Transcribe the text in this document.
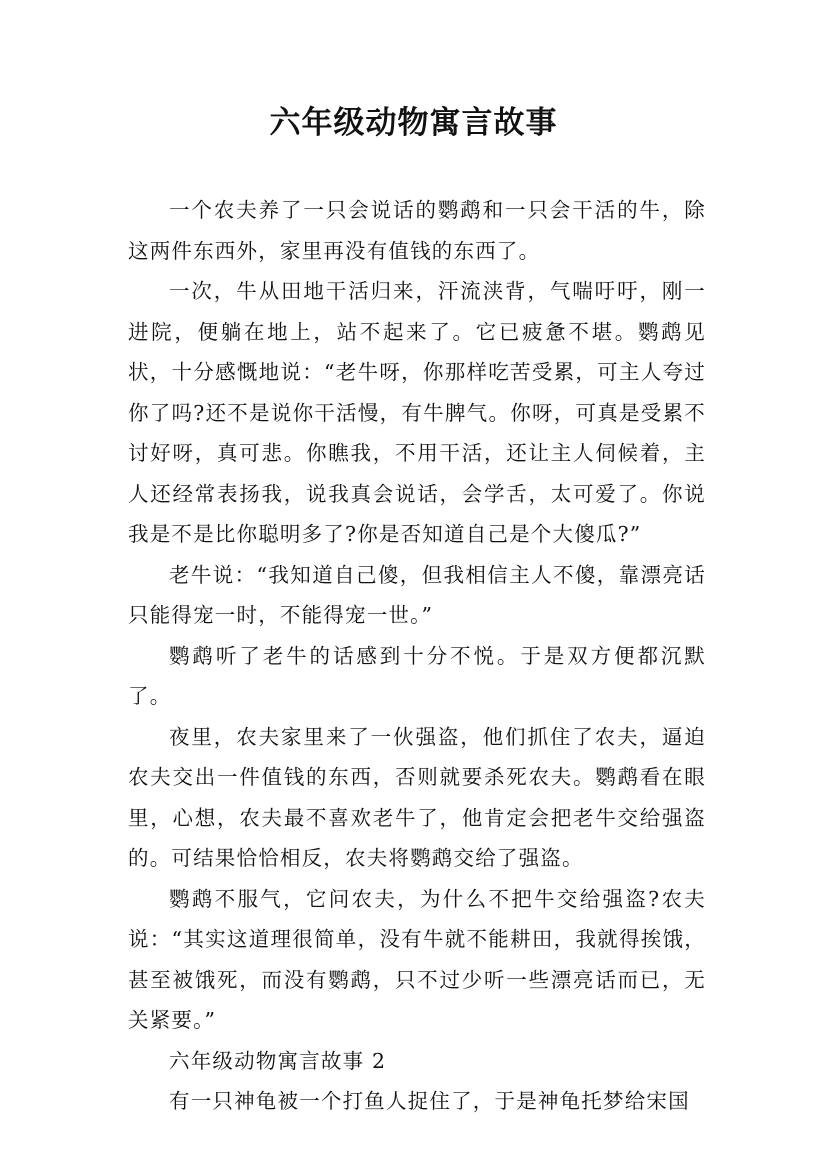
六年级动物寓言故事

一个农夫养了一只会说话的鹦鹉和一只会干活的牛，除这两件东西外，家里再没有值钱的东西了。

一次，牛从田地干活归来，汗流浃背，气喘吁吁，刚一进院，便躺在地上，站不起来了。它已疲惫不堪。鹦鹉见状，十分感慨地说：“老牛呀，你那样吃苦受累，可主人夸过你了吗?还不是说你干活慢，有牛脾气。你呀，可真是受累不讨好呀，真可悲。你瞧我，不用干活，还让主人伺候着，主人还经常表扬我，说我真会说话，会学舌，太可爱了。你说我是不是比你聪明多了?你是否知道自己是个大傻瓜?”

老牛说：“我知道自己傻，但我相信主人不傻，靠漂亮话只能得宠一时，不能得宠一世。”

鹦鹉听了老牛的话感到十分不悦。于是双方便都沉默了。

夜里，农夫家里来了一伙强盗，他们抓住了农夫，逼迫农夫交出一件值钱的东西，否则就要杀死农夫。鹦鹉看在眼里，心想，农夫最不喜欢老牛了，他肯定会把老牛交给强盗的。可结果恰恰相反，农夫将鹦鹉交给了强盗。

鹦鹉不服气，它问农夫，为什么不把牛交给强盗?农夫说：“其实这道理很简单，没有牛就不能耕田，我就得挨饿，甚至被饿死，而没有鹦鹉，只不过少听一些漂亮话而已，无关紧要。”

六年级动物寓言故事 2

有一只神龟被一个打鱼人捉住了，于是神龟托梦给宋国
